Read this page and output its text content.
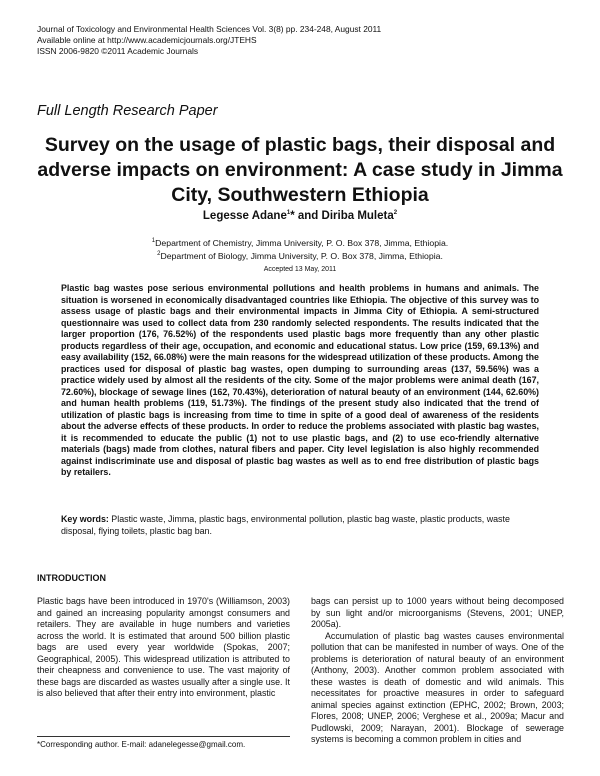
Journal of Toxicology and Environmental Health Sciences Vol. 3(8) pp. 234-248, August 2011
Available online at http://www.academicjournals.org/JTEHS
ISSN 2006-9820 ©2011 Academic Journals
Full Length Research Paper
Survey on the usage of plastic bags, their disposal and adverse impacts on environment: A case study in Jimma City, Southwestern Ethiopia
Legesse Adane$^1$* and Diriba Muleta$^2$
$^1$Department of Chemistry, Jimma University, P. O. Box 378, Jimma, Ethiopia.
$^2$Department of Biology, Jimma University, P. O. Box 378, Jimma, Ethiopia.
Accepted 13 May, 2011
Plastic bag wastes pose serious environmental pollutions and health problems in humans and animals. The situation is worsened in economically disadvantaged countries like Ethiopia. The objective of this survey was to assess usage of plastic bags and their environmental impacts in Jimma City of Ethiopia. A semi-structured questionnaire was used to collect data from 230 randomly selected respondents. The results indicated that the larger proportion (176, 76.52%) of the respondents used plastic bags more frequently than any other plastic products regardless of their age, occupation, and economic and educational status. Low price (159, 69.13%) and easy availability (152, 66.08%) were the main reasons for the widespread utilization of these products. Among the practices used for disposal of plastic bag wastes, open dumping to surrounding areas (137, 59.56%) was a practice widely used by almost all the residents of the city. Some of the major problems were animal death (167, 72.60%), blockage of sewage lines (162, 70.43%), deterioration of natural beauty of an environment (144, 62.60%) and human health problems (119, 51.73%). The findings of the present study also indicated that the trend of utilization of plastic bags is increasing from time to time in spite of a good deal of awareness of the residents about the adverse effects of these products. In order to reduce the problems associated with plastic bag wastes, it is recommended to educate the public (1) not to use plastic bags, and (2) to use eco-friendly alternative materials (bags) made from clothes, natural fibers and paper. City level legislation is also highly recommended against indiscriminate use and disposal of plastic bag wastes as well as to end free distribution of plastic bags by retailers.
Key words: Plastic waste, Jimma, plastic bags, environmental pollution, plastic bag waste, plastic products, waste disposal, flying toilets, plastic bag ban.
INTRODUCTION
Plastic bags have been introduced in 1970's (Williamson, 2003) and gained an increasing popularity amongst consumers and retailers. They are available in huge numbers and varieties across the world. It is estimated that around 500 billion plastic bags are used every year worldwide (Spokas, 2007; Geographical, 2005). This widespread utilization is attributed to their cheapness and convenience to use. The vast majority of these bags are discarded as wastes usually after a single use. It is also believed that after their entry into environment, plastic
bags can persist up to 1000 years without being decomposed by sun light and/or microorganisms (Stevens, 2001; UNEP, 2005a).
Accumulation of plastic bag wastes causes environmental pollution that can be manifested in number of ways. One of the problems is deterioration of natural beauty of an environment (Anthony, 2003). Another common problem associated with these wastes is death of domestic and wild animals. This necessitates for proactive measures in order to safeguard animal species against extinction (EPHC, 2002; Brown, 2003; Flores, 2008; UNEP, 2006; Verghese et al., 2009a; Macur and Pudlowski, 2009; Narayan, 2001). Blockage of sewerage systems is becoming a common problem in cities and
*Corresponding author. E-mail: adanelegesse@gmail.com.
